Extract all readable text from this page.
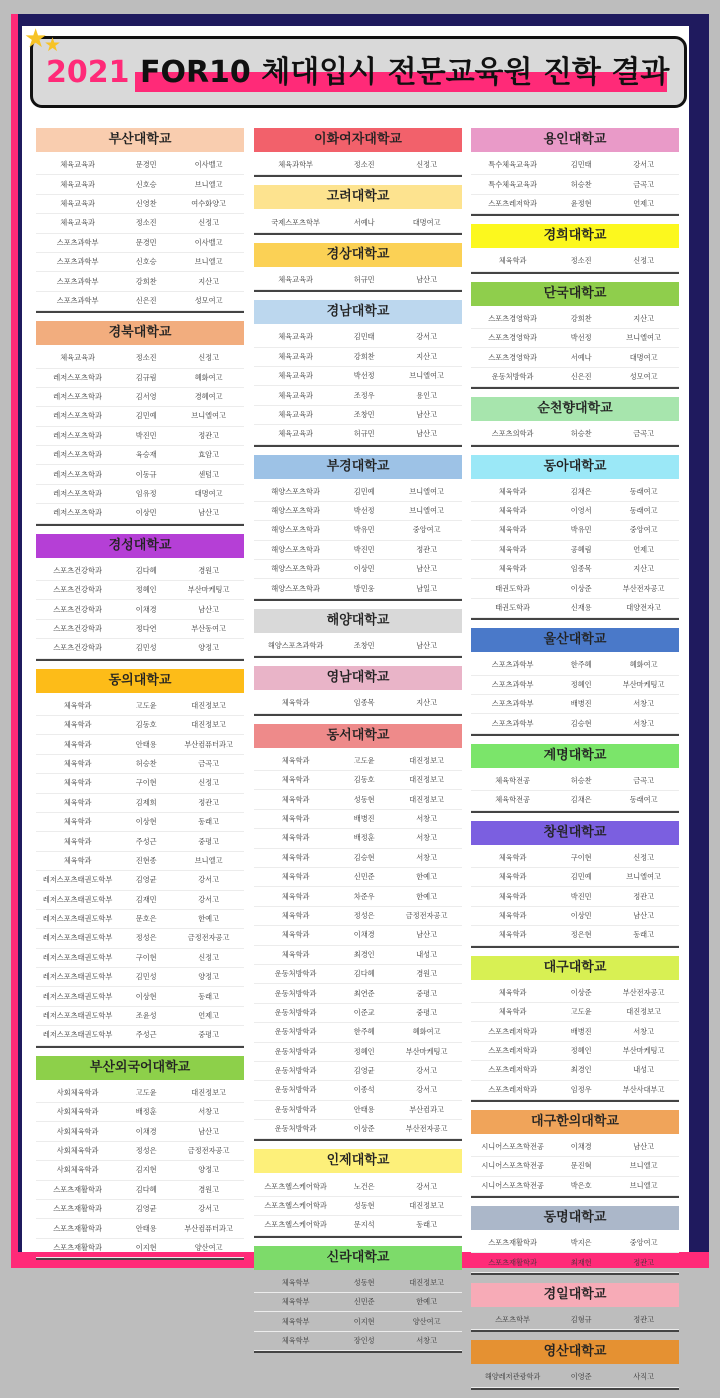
2021 FOR10 체대입시 전문교육원 진학 결과
★
★
부산대학교
체육교육과	문경민	이사벨고
체육교육과	신호승	브니엘고
체육교육과	신영찬	여수화양고
체육교육과	정소진	신정고
스포츠과학부	문경민	이사벨고
스포츠과학부	신호승	브니엘고
스포츠과학부	강희찬	지산고
스포츠과학부	신은진	성모여고
경북대학교
체육교육과	정소진	신정고
레저스포츠학과	김규림	혜화여고
레저스포츠학과	김서영	경혜여고
레저스포츠학과	김민예	브니엘여고
레저스포츠학과	박진민	정관고
레저스포츠학과	육승재	효암고
레저스포츠학과	이동규	센텀고
레저스포츠학과	임유정	대명여고
레저스포츠학과	이상민	남산고
경성대학교
스포츠건강학과	김다혜	경원고
스포츠건강학과	정혜인	부산마케팅고
스포츠건강학과	이채경	남산고
스포츠건강학과	정다연	부산동여고
스포츠건강학과	김민성	양정고
동의대학교
체육학과	고도윤	대진정보고
체육학과	김동호	대진정보고
체육학과	안태용	부산컴퓨터과고
체육학과	허승찬	금곡고
체육학과	구이현	신정고
체육학과	김제희	정관고
체육학과	이상현	동래고
체육학과	주성근	중평고
체육학과	진현종	브니엘고
레저스포츠태권도학부	김영균	강서고
레저스포츠태권도학부	김재민	강서고
레저스포츠태권도학부	문호은	한예고
레저스포츠태권도학부	정성은	금정전자공고
레저스포츠태권도학부	구이현	신정고
레저스포츠태권도학부	김민성	양정고
레저스포츠태권도학부	이상현	동래고
레저스포츠태권도학부	조윤성	언제고
레저스포츠태권도학부	주성근	중평고
부산외국어대학교
사회체육학과	고도윤	대진정보고
사회체육학과	배정훈	서창고
사회체육학과	이채경	남산고
사회체육학과	정성은	금정전자공고
사회체육학과	김지현	양정고
스포츠재활학과	김다혜	경원고
스포츠재활학과	김영균	강서고
스포츠재활학과	안태용	부산컴퓨터과고
스포츠재활학과	이지현	양산여고
이화여자대학교
체육과학부	정소진	신정고
고려대학교
국제스포츠학부	서예나	대명여고
경상대학교
체육교육과	허규민	남산고
경남대학교
체육교육과	김민태	강서고
체육교육과	강희찬	지산고
체육교육과	박선정	브니엘여고
체육교육과	조정우	용인고
체육교육과	조창민	남산고
체육교육과	허규민	남산고
부경대학교
해양스포츠학과	김민예	브니엘여고
해양스포츠학과	박선정	브니엘여고
해양스포츠학과	박유민	중앙여고
해양스포츠학과	박진민	정관고
해양스포츠학과	이상민	남산고
해양스포츠학과	방민웅	남일고
해양대학교
해양스포츠과학과	조창민	남산고
영남대학교
체육학과	임종목	지산고
동서대학교
체육학과	고도윤	대진정보고
체육학과	김동호	대진정보고
체육학과	성동현	대진정보고
체육학과	배병진	서창고
체육학과	배정훈	서창고
체육학과	김승현	서창고
체육학과	신민준	한예고
체육학과	차준우	한예고
체육학과	정성은	금정전자공고
체육학과	이채경	남산고
체육학과	최경인	내성고
운동처방학과	김다혜	경원고
운동처방학과	최연준	중평고
운동처방학과	이준교	중평고
운동처방학과	한주혜	혜화여고
운동처방학과	정혜인	부산마케팅고
운동처방학과	김영균	강서고
운동처방학과	이종석	강서고
운동처방학과	안태용	부산컴과고
운동처방학과	이상준	부산전자공고
인제대학교
스포츠헬스케어학과	노건은	강서고
스포츠헬스케어학과	성동현	대진정보고
스포츠헬스케어학과	문지석	동래고
신라대학교
체육학부	성동현	대진정보고
체육학부	신민준	한예고
체육학부	이지현	양산여고
체육학부	장인성	서창고
용인대학교
특수체육교육과	김민태	강서고
특수체육교육과	허승찬	금곡고
스포츠레저학과	윤정현	언제고
경희대학교
체육학과	정소진	신정고
단국대학교
스포츠경영학과	강희찬	지산고
스포츠경영학과	박선정	브니엘여고
스포츠경영학과	서예나	대명여고
운동처방학과	신은진	성모여고
순천향대학교
스포츠의학과	허승찬	금곡고
동아대학교
체육학과	김채은	동래여고
체육학과	이영서	동래여고
체육학과	박유민	중앙여고
체육학과	공혜림	언제고
체육학과	임종목	지산고
태권도학과	이상준	부산전자공고
태권도학과	신재용	대양전자고
울산대학교
스포츠과학부	한주혜	혜화여고
스포츠과학부	정혜인	부산마케팅고
스포츠과학부	배병진	서창고
스포츠과학부	김승현	서창고
계명대학교
체육학전공	허승찬	금곡고
체육학전공	김채은	동래여고
창원대학교
체육학과	구이현	신정고
체육학과	김민예	브니엘여고
체육학과	박진민	정관고
체육학과	이상민	남산고
체육학과	정은현	동래고
대구대학교
체육학과	이상준	부산전자공고
체육학과	고도윤	대진정보고
스포츠레저학과	배병진	서창고
스포츠레저학과	정혜인	부산마케팅고
스포츠레저학과	최경인	내성고
스포츠레저학과	임정우	부산사대부고
대구한의대학교
시니어스포츠학전공	이채경	남산고
시니어스포츠학전공	문진혁	브니엘고
시니어스포츠학전공	박은호	브니엘고
동명대학교
스포츠재활학과	박지은	중앙여고
스포츠재활학과	최재헌	정관고
경일대학교
스포츠학부	김형규	정관고
영산대학교
해양레저관광학과	이영준	사직고
